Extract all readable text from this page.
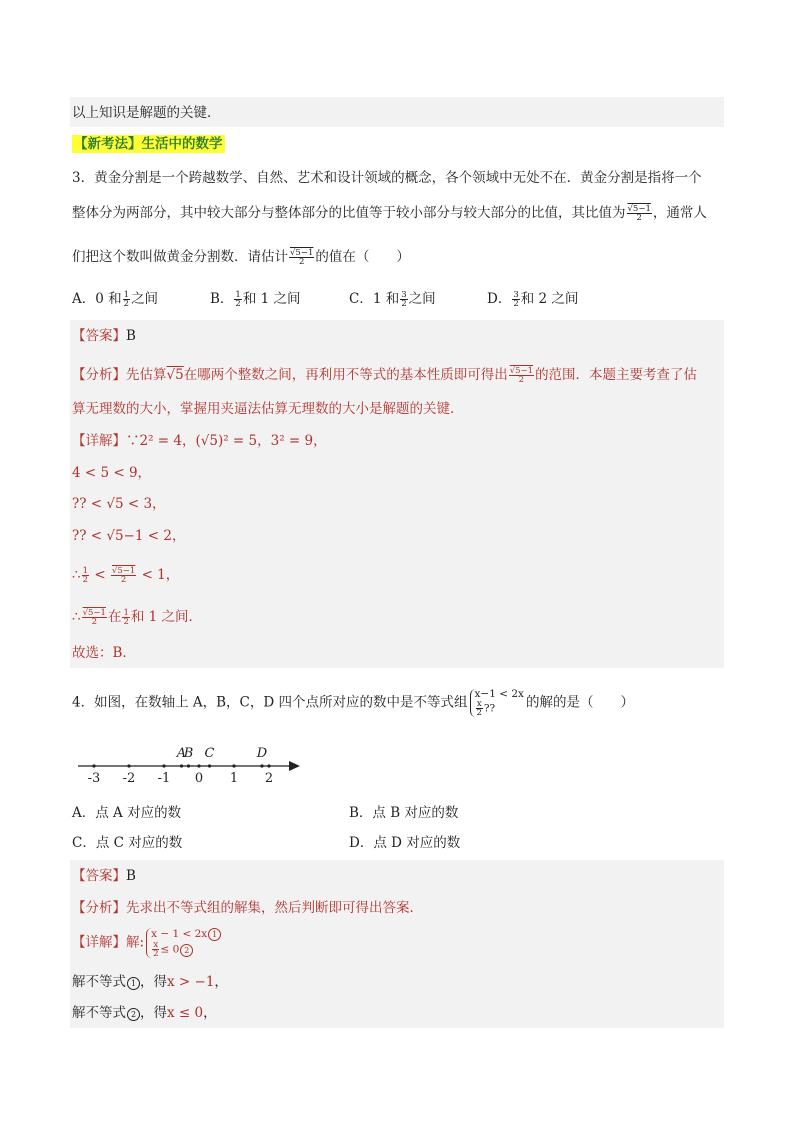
以上知识是解题的关键．
【新考法】生活中的数学
3．黄金分割是一个跨越数学、自然、艺术和设计领域的概念，各个领域中无处不在．黄金分割是指将一个
整体分为两部分，其中较大部分与整体部分的比值等于较小部分与较大部分的比值，其比值为 $\frac{√5-1}{2}$ ，通常人
们把这个数叫做黄金分割数．请估计 $\frac{√5-1}{2}$ 的值在（　　）
A．0 和 $\frac{1}{2}$ 之间	B． $\frac{1}{2}$ 和 1 之间	C．1 和 $\frac{3}{2}$ 之间	D． $\frac{3}{2}$ 和 2 之间
【答案】B
【分析】先估算√5在哪两个整数之间，再利用不等式的基本性质即可得出 $\frac{√5-1}{2}$ 的范围．本题主要考查了估
算无理数的大小，掌握用夹逼法估算无理数的大小是解题的关键．
【详解】∵2² = 4，(√5)² = 5，3² = 9，
4 < 5 < 9，
?? < √5 < 3，
?? < √5−1 < 2，
∴ $\frac{1}{2} < \frac{√5-1}{2} < 1$，
∴ $\frac{√5-1}{2}$ 在 $\frac{1}{2}$ 和 1 之间．
故选：B．
4．如图，在数轴上 A，B，C，D 四个点所对应的数中是不等式组
x−1 < 2x
$\frac{x}{2}$ ??	的解的是（　　）
-3 -2 -1 0 1 2
A
B C	D
A．点 A 对应的数	B．点 B 对应的数
C．点 C 对应的数	D．点 D 对应的数
【答案】B
【分析】先求出不等式组的解集，然后判断即可得出答案．
【详解】解:
x − 1 < 2x 1
$\frac{x}{2} \le 0$ 2
解不等式 1 ，得x > −1，
解不等式 2 ，得x ≤ 0，
